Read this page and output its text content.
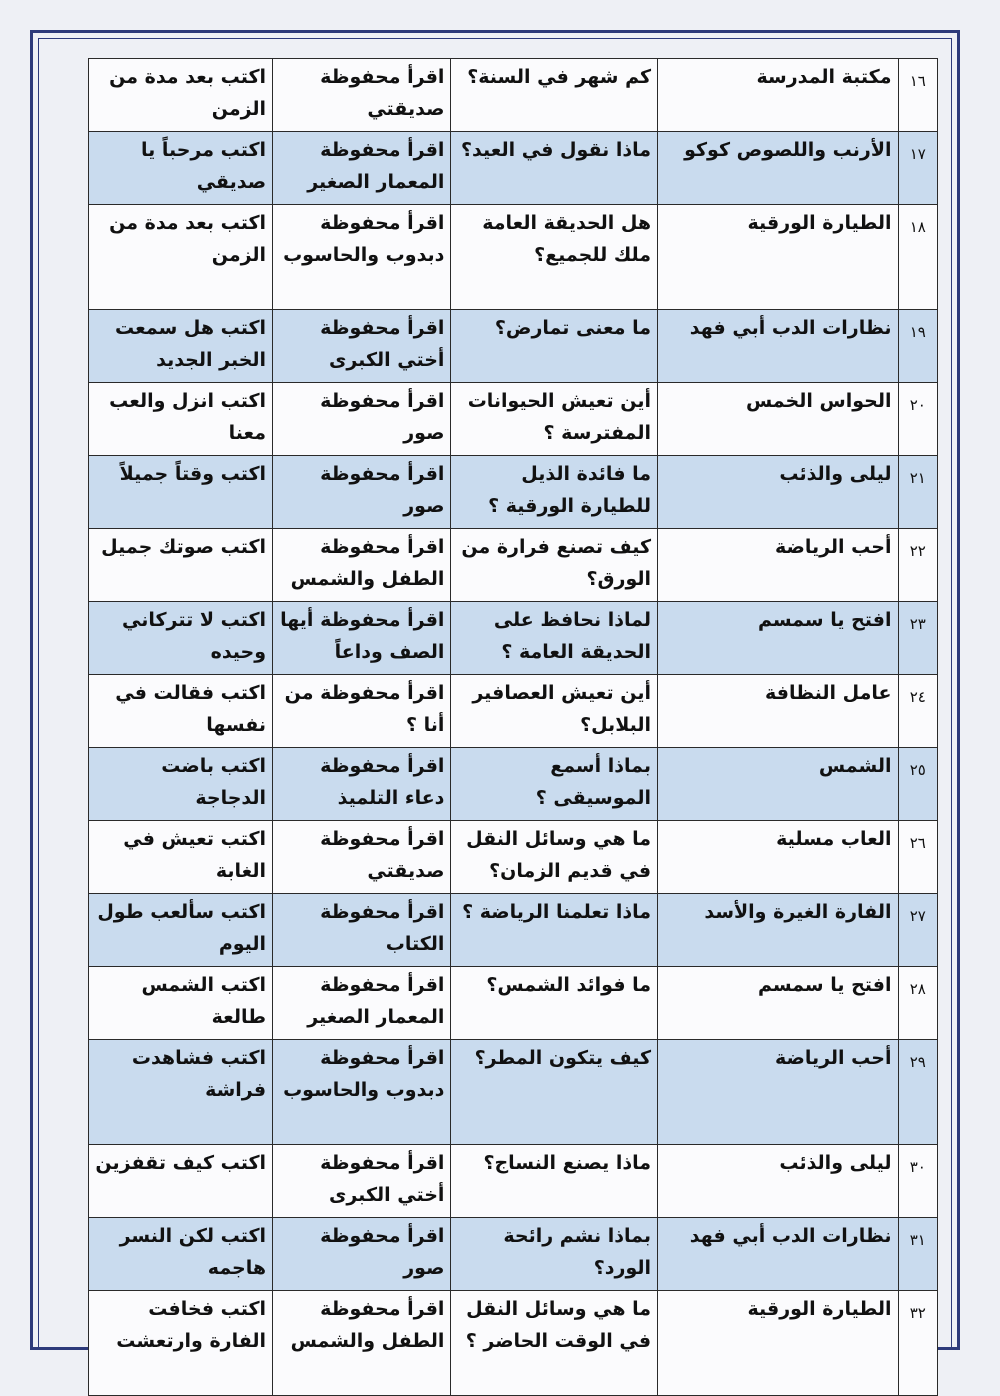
١٦	مكتبة المدرسة	كم شهر في السنة؟	اقرأ محفوظة صديقتي	اكتب بعد مدة من الزمن
١٧	الأرنب واللصوص كوكو	ماذا نقول في العيد؟	اقرأ محفوظة المعمار الصغير	اكتب مرحباً يا صديقي
١٨	الطيارة الورقية	هل الحديقة العامة ملك للجميع؟	اقرأ محفوظة دبدوب والحاسوب	اكتب بعد مدة من الزمن
١٩	نظارات الدب أبي فهد	ما معنى تمارض؟	اقرأ محفوظة أختي الكبرى	اكتب هل سمعت الخبر الجديد
٢٠	الحواس الخمس	أين تعيش الحيوانات المفترسة ؟	اقرأ محفوظة صور	اكتب انزل والعب معنا
٢١	ليلى والذئب	ما فائدة الذيل للطيارة الورقية ؟	اقرأ محفوظة صور	اكتب وقتاً جميلاً
٢٢	أحب الرياضة	كيف تصنع فرارة من الورق؟	اقرأ محفوظة الطفل والشمس	اكتب صوتك جميل
٢٣	افتح يا سمسم	لماذا نحافظ على الحديقة العامة ؟	اقرأ محفوظة أيها الصف وداعاً	اكتب لا تتركاني وحيده
٢٤	عامل النظافة	أين تعيش العصافير البلابل؟	اقرأ محفوظة من أنا ؟	اكتب فقالت في نفسها
٢٥	الشمس	بماذا أسمع الموسيقى ؟	اقرأ محفوظة دعاء التلميذ	اكتب باضت الدجاجة
٢٦	العاب مسلية	ما هي وسائل النقل في قديم الزمان؟	اقرأ محفوظة صديقتي	اكتب تعيش في الغابة
٢٧	الفارة الغيرة والأسد	ماذا تعلمنا الرياضة ؟	اقرأ محفوظة الكتاب	اكتب سألعب طول اليوم
٢٨	افتح يا سمسم	ما فوائد الشمس؟	اقرأ محفوظة المعمار الصغير	اكتب الشمس طالعة
٢٩	أحب الرياضة	كيف يتكون المطر؟	اقرأ محفوظة دبدوب والحاسوب	اكتب فشاهدت فراشة
٣٠	ليلى والذئب	ماذا يصنع النساج؟	اقرأ محفوظة أختي الكبرى	اكتب كيف تقفزين
٣١	نظارات الدب أبي فهد	بماذا نشم رائحة الورد؟	اقرأ محفوظة صور	اكتب لكن النسر هاجمه
٣٢	الطيارة الورقية	ما هي وسائل النقل في الوقت الحاضر ؟	اقرأ محفوظة الطفل والشمس	اكتب فخافت الفارة وارتعشت
